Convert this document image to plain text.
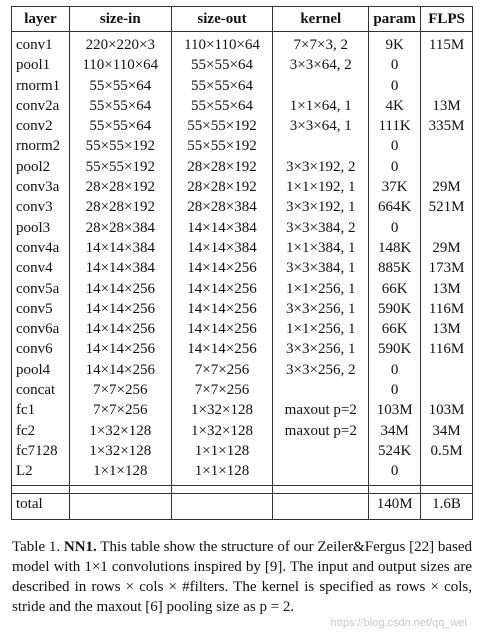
layer	size-in	size-out	kernel	param	FLPS
conv1	220×220×3	110×110×64	7×7×3, 2	9K	115M
pool1	110×110×64	55×55×64	3×3×64, 2	0	
rnorm1	55×55×64	55×55×64		0	
conv2a	55×55×64	55×55×64	1×1×64, 1	4K	13M
conv2	55×55×64	55×55×192	3×3×64, 1	111K	335M
rnorm2	55×55×192	55×55×192		0	
pool2	55×55×192	28×28×192	3×3×192, 2	0	
conv3a	28×28×192	28×28×192	1×1×192, 1	37K	29M
conv3	28×28×192	28×28×384	3×3×192, 1	664K	521M
pool3	28×28×384	14×14×384	3×3×384, 2	0	
conv4a	14×14×384	14×14×384	1×1×384, 1	148K	29M
conv4	14×14×384	14×14×256	3×3×384, 1	885K	173M
conv5a	14×14×256	14×14×256	1×1×256, 1	66K	13M
conv5	14×14×256	14×14×256	3×3×256, 1	590K	116M
conv6a	14×14×256	14×14×256	1×1×256, 1	66K	13M
conv6	14×14×256	14×14×256	3×3×256, 1	590K	116M
pool4	14×14×256	7×7×256	3×3×256, 2	0	
concat	7×7×256	7×7×256		0	
fc1	7×7×256	1×32×128	maxout p=2	103M	103M
fc2	1×32×128	1×32×128	maxout p=2	34M	34M
fc7128	1×32×128	1×1×128		524K	0.5M
L2	1×1×128	1×1×128		0	

total				140M	1.6B
Table 1. NN1. This table show the structure of our Zeiler&Fergus [22] based model with 1×1 convolutions inspired by [9]. The input and output sizes are described in rows × cols × #filters. The kernel is specified as rows × cols, stride and the maxout [6] pooling size as p = 2.
https://blog.csdn.net/qq_wel
